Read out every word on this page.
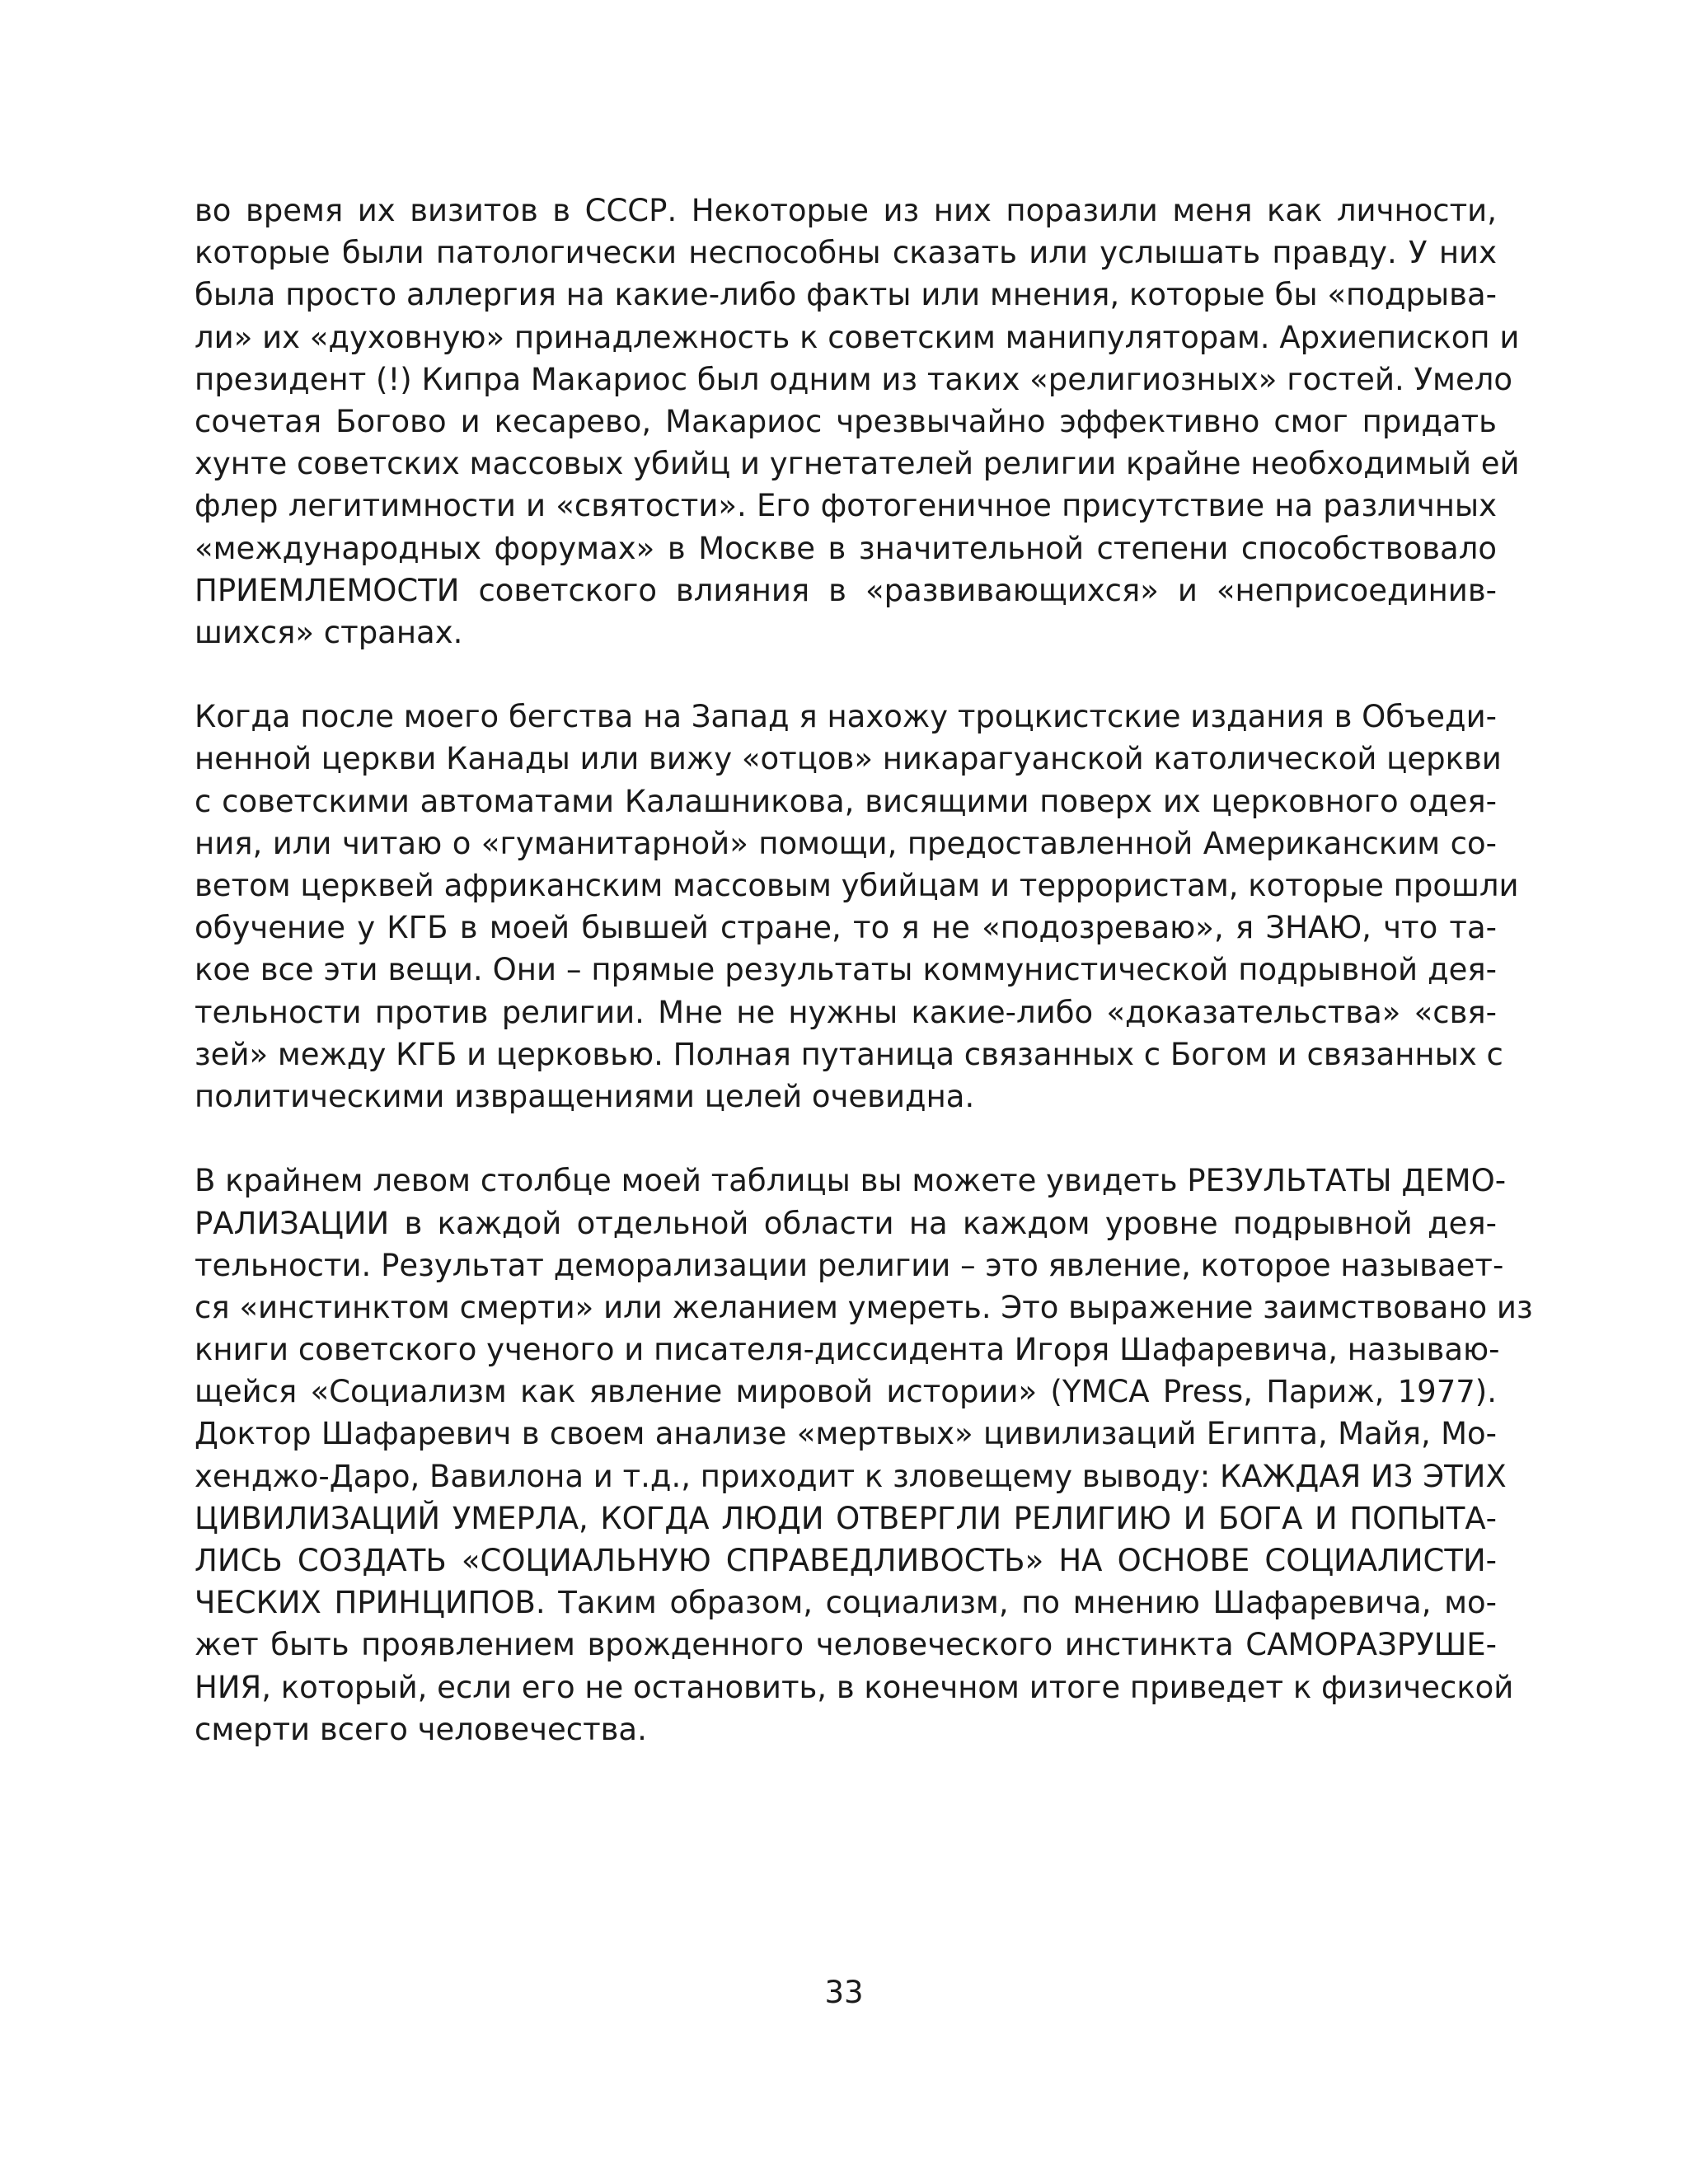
во время их визитов в СССР. Некоторые из них поразили меня как личности,
которые были патологически неспособны сказать или услышать правду. У них
была просто аллергия на какие-либо факты или мнения, которые бы «подрыва-
ли» их «духовную» принадлежность к советским манипуляторам. Архиепископ и
президент (!) Кипра Макариос был одним из таких «религиозных» гостей. Умело
сочетая Богово и кесарево, Макариос чрезвычайно эффективно смог придать
хунте советских массовых убийц и угнетателей религии крайне необходимый ей
флер легитимности и «святости». Его фотогеничное присутствие на различных
«международных форумах» в Москве в значительной степени способствовало
ПРИЕМЛЕМОСТИ советского влияния в «развивающихся» и «неприсоединив-
шихся» странах.
Когда после моего бегства на Запад я нахожу троцкистские издания в Объеди-
ненной церкви Канады или вижу «отцов» никарагуанской католической церкви
с советскими автоматами Калашникова, висящими поверх их церковного одея-
ния, или читаю о «гуманитарной» помощи, предоставленной Американским со-
ветом церквей африканским массовым убийцам и террористам, которые прошли
обучение у КГБ в моей бывшей стране, то я не «подозреваю», я ЗНАЮ, что та-
кое все эти вещи. Они – прямые результаты коммунистической подрывной дея-
тельности против религии. Мне не нужны какие-либо «доказательства» «свя-
зей» между КГБ и церковью. Полная путаница связанных с Богом и связанных с
политическими извращениями целей очевидна.
В крайнем левом столбце моей таблицы вы можете увидеть РЕЗУЛЬТАТЫ ДЕМО-
РАЛИЗАЦИИ в каждой отдельной области на каждом уровне подрывной дея-
тельности. Результат деморализации религии – это явление, которое называет-
ся «инстинктом смерти» или желанием умереть. Это выражение заимствовано из
книги советского ученого и писателя-диссидента Игоря Шафаревича, называю-
щейся «Социализм как явление мировой истории» (YMCA Press, Париж, 1977).
Доктор Шафаревич в своем анализе «мертвых» цивилизаций Египта, Майя, Мо-
хенджо-Даро, Вавилона и т.д., приходит к зловещему выводу: КАЖДАЯ ИЗ ЭТИХ
ЦИВИЛИЗАЦИЙ УМЕРЛА, КОГДА ЛЮДИ ОТВЕРГЛИ РЕЛИГИЮ И БОГА И ПОПЫТА-
ЛИСЬ СОЗДАТЬ «СОЦИАЛЬНУЮ СПРАВЕДЛИВОСТЬ» НА ОСНОВЕ СОЦИАЛИСТИ-
ЧЕСКИХ ПРИНЦИПОВ. Таким образом, социализм, по мнению Шафаревича, мо-
жет быть проявлением врожденного человеческого инстинкта САМОРАЗРУШЕ-
НИЯ, который, если его не остановить, в конечном итоге приведет к физической
смерти всего человечества.
33
